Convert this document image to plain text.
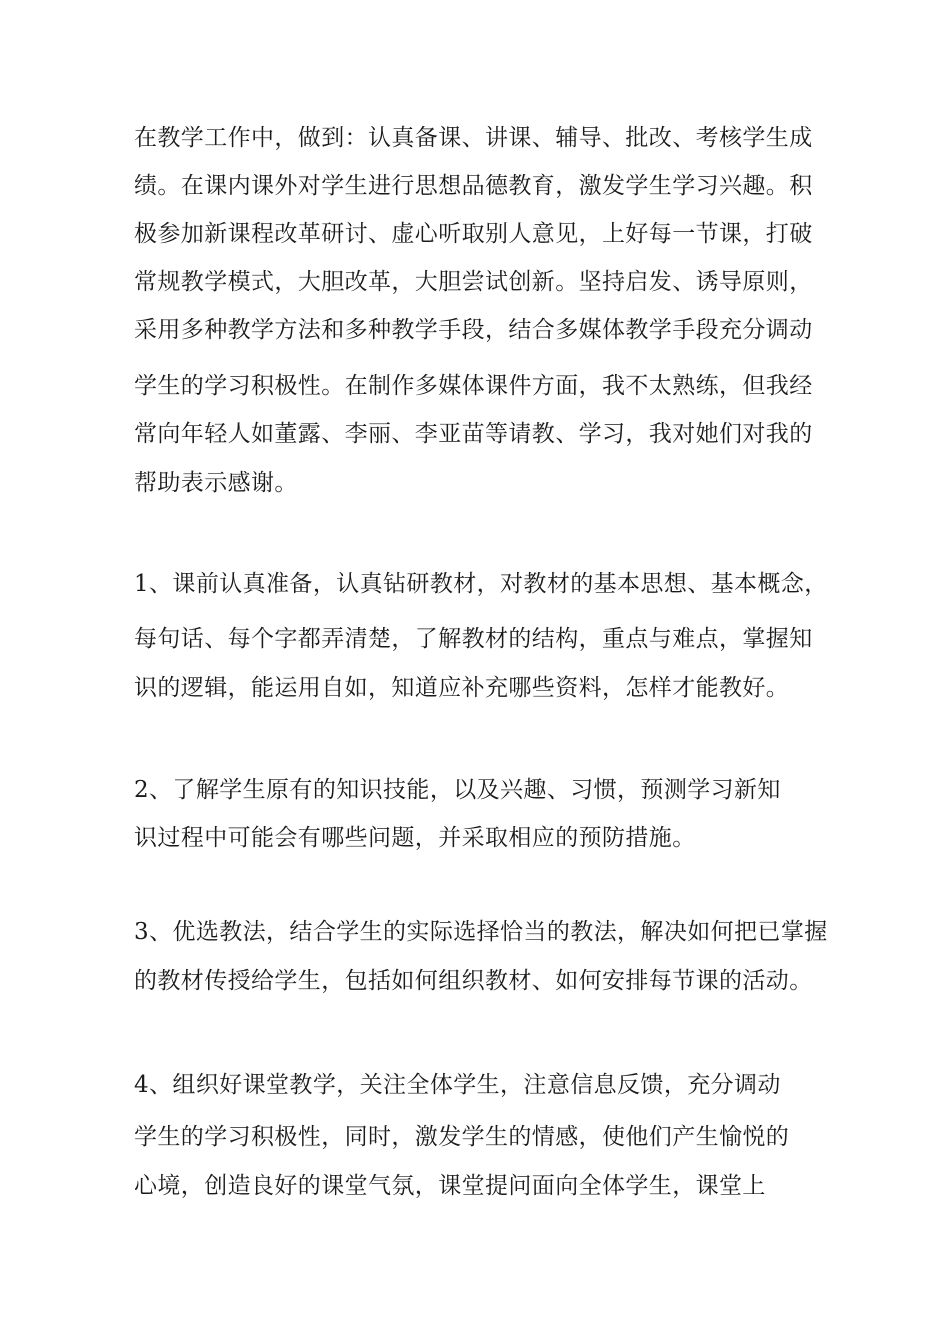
在教学工作中，做到：认真备课、讲课、辅导、批改、考核学生成
绩。在课内课外对学生进行思想品德教育，激发学生学习兴趣。积
极参加新课程改革研讨、虚心听取别人意见，上好每一节课，打破
常规教学模式，大胆改革，大胆尝试创新。坚持启发、诱导原则，
采用多种教学方法和多种教学手段，结合多媒体教学手段充分调动
学生的学习积极性。在制作多媒体课件方面，我不太熟练，但我经
常向年轻人如董露、李丽、李亚苗等请教、学习，我对她们对我的
帮助表示感谢。
1、课前认真准备，认真钻研教材，对教材的基本思想、基本概念，
每句话、每个字都弄清楚，了解教材的结构，重点与难点，掌握知
识的逻辑，能运用自如，知道应补充哪些资料，怎样才能教好。
2、了解学生原有的知识技能，以及兴趣、习惯，预测学习新知
识过程中可能会有哪些问题，并采取相应的预防措施。
3、优选教法，结合学生的实际选择恰当的教法，解决如何把已掌握
的教材传授给学生，包括如何组织教材、如何安排每节课的活动。
4、组织好课堂教学，关注全体学生，注意信息反馈，充分调动
学生的学习积极性，同时，激发学生的情感，使他们产生愉悦的
心境，创造良好的课堂气氛，课堂提问面向全体学生，课堂上
